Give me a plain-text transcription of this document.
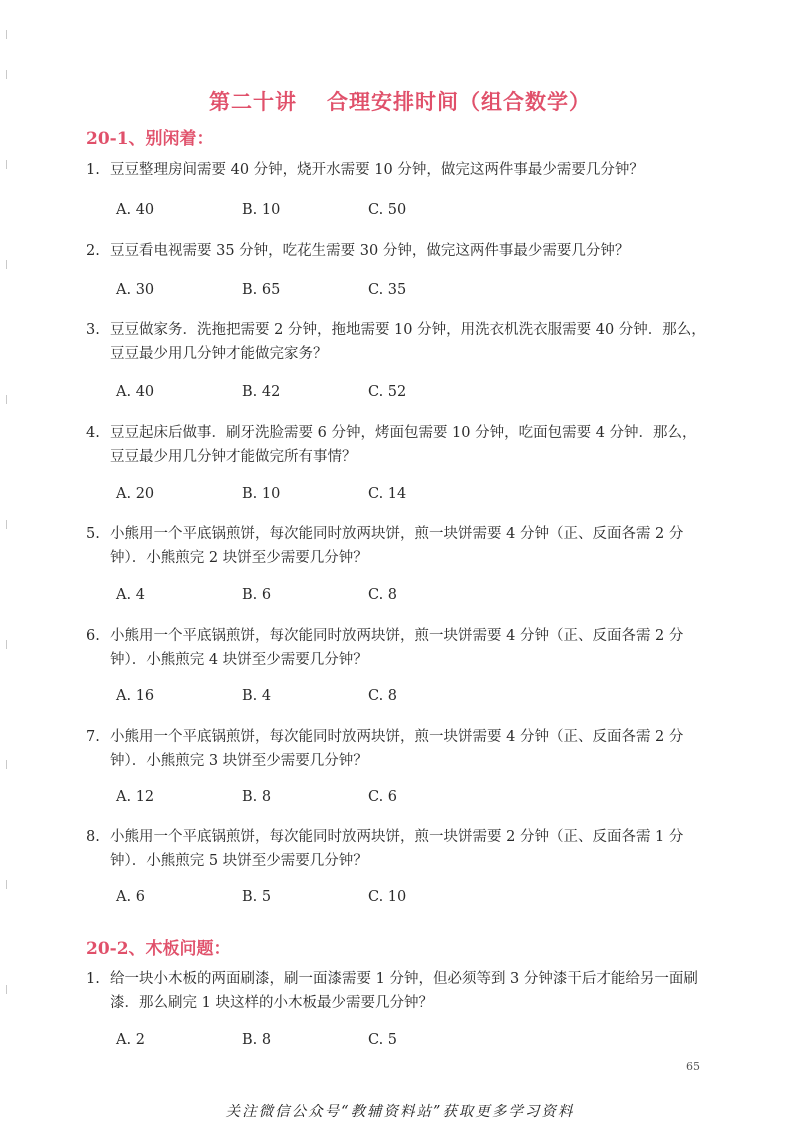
第二十讲 合理安排时间（组合数学）
20-1、别闲着：
1. 豆豆整理房间需要 40 分钟，烧开水需要 10 分钟，做完这两件事最少需要几分钟？
A. 40	B. 10	C. 50
2. 豆豆看电视需要 35 分钟，吃花生需要 30 分钟，做完这两件事最少需要几分钟？
A. 30	B. 65	C. 35
3. 豆豆做家务．洗拖把需要 2 分钟，拖地需要 10 分钟，用洗衣机洗衣服需要 40 分钟．那么，豆豆最少用几分钟才能做完家务？
A. 40	B. 42	C. 52
4. 豆豆起床后做事．刷牙洗脸需要 6 分钟，烤面包需要 10 分钟，吃面包需要 4 分钟．那么，豆豆最少用几分钟才能做完所有事情？
A. 20	B. 10	C. 14
5. 小熊用一个平底锅煎饼，每次能同时放两块饼，煎一块饼需要 4 分钟（正、反面各需 2 分钟）．小熊煎完 2 块饼至少需要几分钟？
A. 4	B. 6	C. 8
6. 小熊用一个平底锅煎饼，每次能同时放两块饼，煎一块饼需要 4 分钟（正、反面各需 2 分钟）．小熊煎完 4 块饼至少需要几分钟？
A. 16	B. 4	C. 8
7. 小熊用一个平底锅煎饼，每次能同时放两块饼，煎一块饼需要 4 分钟（正、反面各需 2 分钟）．小熊煎完 3 块饼至少需要几分钟？
A. 12	B. 8	C. 6
8. 小熊用一个平底锅煎饼，每次能同时放两块饼，煎一块饼需要 2 分钟（正、反面各需 1 分钟）．小熊煎完 5 块饼至少需要几分钟？
A. 6	B. 5	C. 10
20-2、木板问题：
1. 给一块小木板的两面刷漆，刷一面漆需要 1 分钟，但必须等到 3 分钟漆干后才能给另一面刷漆．那么刷完 1 块这样的小木板最少需要几分钟？
A. 2	B. 8	C. 5
65
关注微信公众号“教辅资料站”获取更多学习资料
